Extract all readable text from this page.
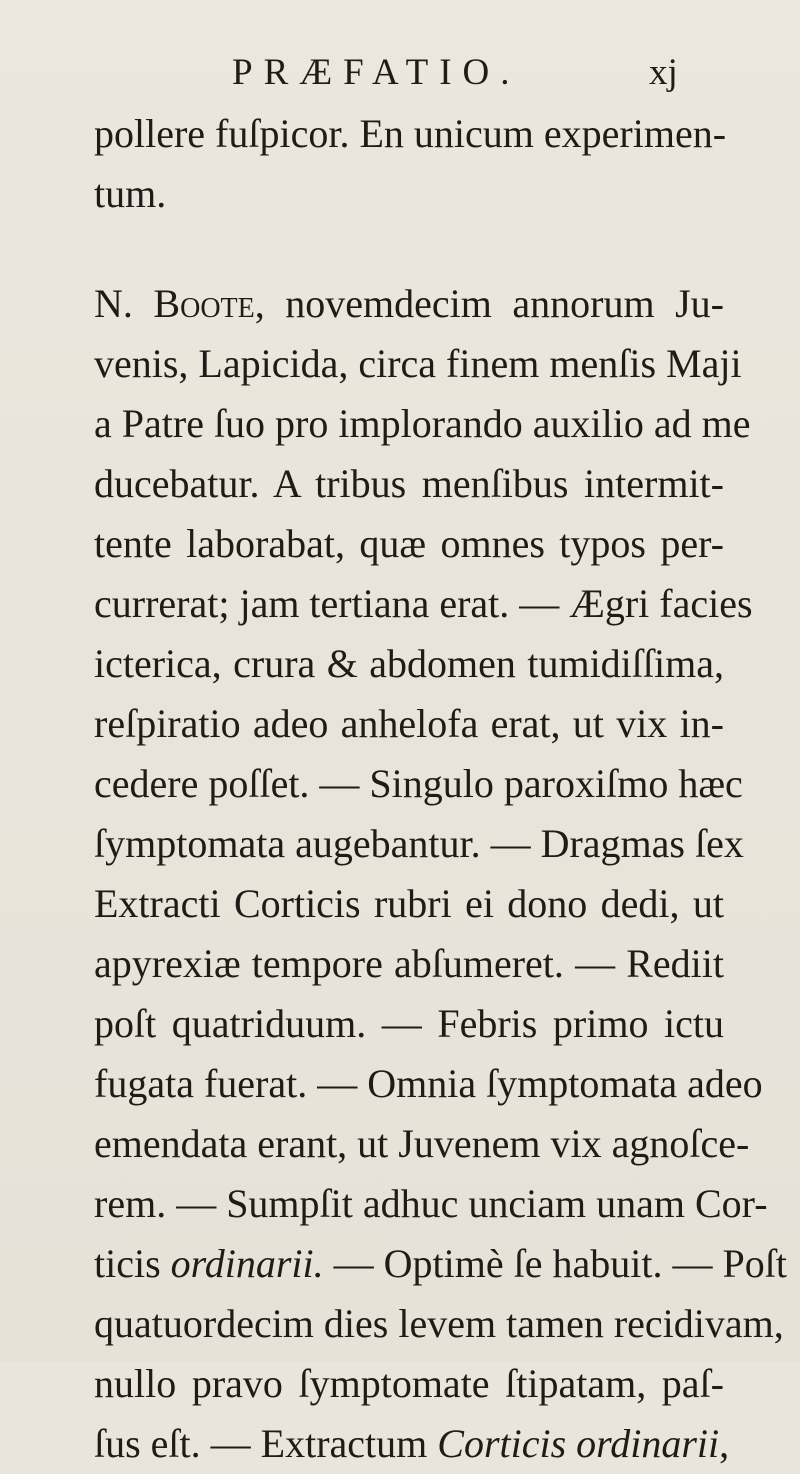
PRÆFATIO.	xj
pollere fuſpicor. En unicum experimen-
tum.
N. Boote, novemdecim annorum Ju-
venis, Lapicida, circa finem menſis Maji
a Patre ſuo pro implorando auxilio ad me
ducebatur. A tribus menſibus intermit-
tente laborabat, quæ omnes typos per-
currerat; jam tertiana erat. — Ægri facies
icterica, crura & abdomen tumidiſſima,
reſpiratio adeo anhelofa erat, ut vix in-
cedere poſſet. — Singulo paroxiſmo hæc
ſymptomata augebantur. — Dragmas ſex
Extracti Corticis rubri ei dono dedi, ut
apyrexiæ tempore abſumeret. — Rediit
poſt quatriduum. — Febris primo ictu
fugata fuerat. — Omnia ſymptomata adeo
emendata erant, ut Juvenem vix agnoſce-
rem. — Sumpſit adhuc unciam unam Cor-
ticis ordinarii. — Optimè ſe habuit. — Poſt
quatuordecim dies levem tamen recidivam,
nullo pravo ſymptomate ſtipatam, paſ-
ſus eſt. — Extractum Corticis ordinarii,
